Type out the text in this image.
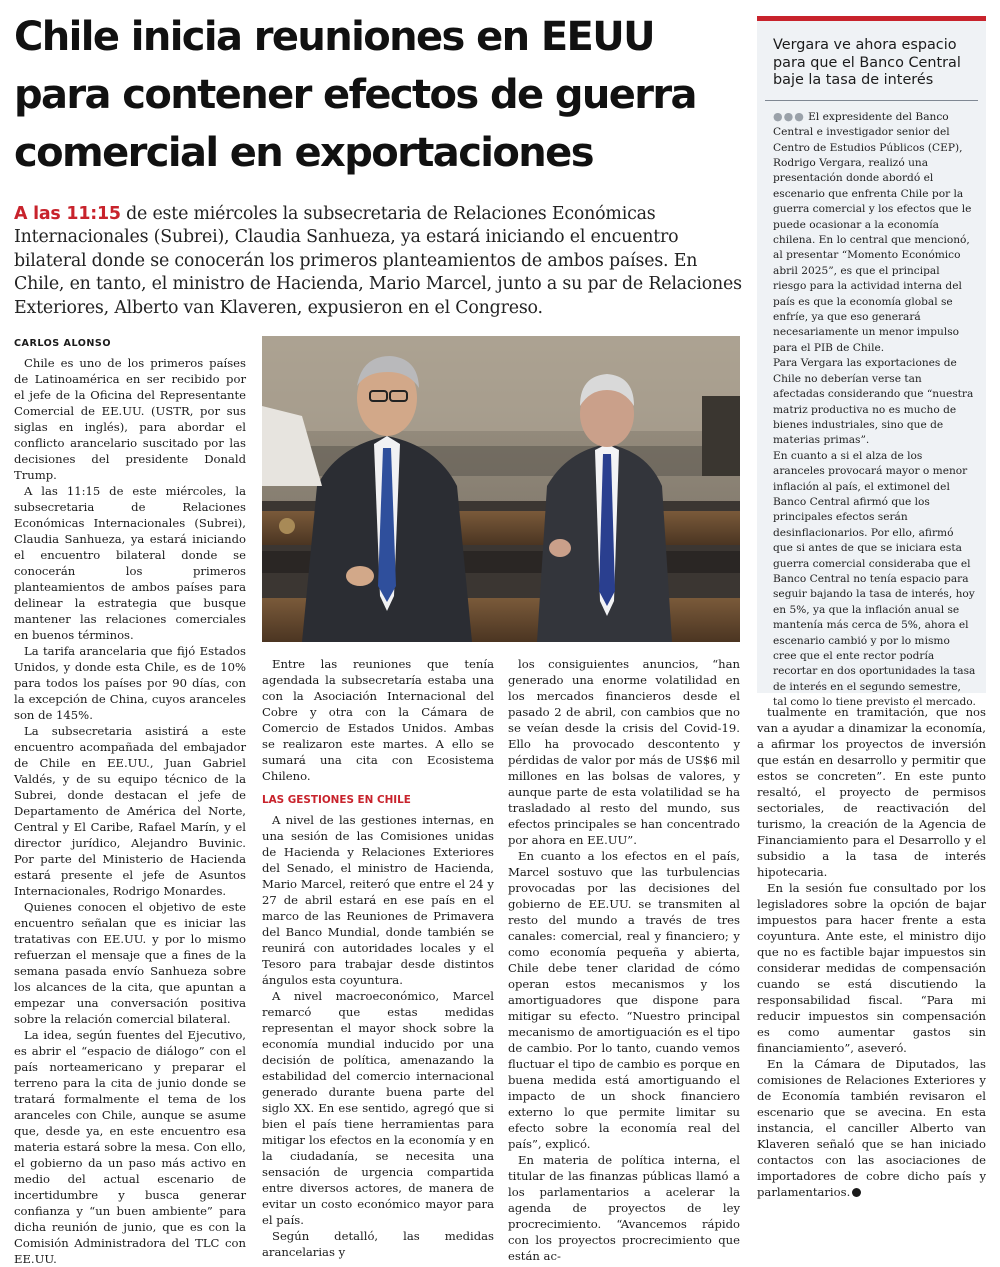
Chile inicia reuniones en EEUU para contener efectos de guerra comercial en exportaciones

A las 11:15 de este miércoles la subsecretaria de Relaciones Económicas Internacionales (Subrei), Claudia Sanhueza, ya estará iniciando el encuentro bilateral donde se conocerán los primeros planteamientos de ambos países. En Chile, en tanto, el ministro de Hacienda, Mario Marcel, junto a su par de Relaciones Exteriores, Alberto van Klaveren, expusieron en el Congreso.

CARLOS ALONSO

Chile es uno de los primeros países de Latinoamérica en ser recibido por el jefe de la Oficina del Representante Comercial de EE.UU. (USTR, por sus siglas en inglés), para abordar el conflicto arancelario suscitado por las decisiones del presidente Donald Trump.

A las 11:15 de este miércoles, la subsecretaria de Relaciones Económicas Internacionales (Subrei), Claudia Sanhueza, ya estará iniciando el encuentro bilateral donde se conocerán los primeros planteamientos de ambos países para delinear la estrategia que busque mantener las relaciones comerciales en buenos términos.

La tarifa arancelaria que fijó Estados Unidos, y donde esta Chile, es de 10% para todos los países por 90 días, con la excepción de China, cuyos aranceles son de 145%.

La subsecretaria asistirá a este encuentro acompañada del embajador de Chile en EE.UU., Juan Gabriel Valdés, y de su equipo técnico de la Subrei, donde destacan el jefe de Departamento de América del Norte, Central y El Caribe, Rafael Marín, y el director jurídico, Alejandro Buvinic. Por parte del Ministerio de Hacienda estará presente el jefe de Asuntos Internacionales, Rodrigo Monardes.

Quienes conocen el objetivo de este encuentro señalan que es iniciar las tratativas con EE.UU. y por lo mismo refuerzan el mensaje que a fines de la semana pasada envío Sanhueza sobre los alcances de la cita, que apuntan a empezar una conversación positiva sobre la relación comercial bilateral.

La idea, según fuentes del Ejecutivo, es abrir el “espacio de diálogo” con el país norteamericano y preparar el terreno para la cita de junio donde se tratará formalmente el tema de los aranceles con Chile, aunque se asume que, desde ya, en este encuentro esa materia estará sobre la mesa. Con ello, el gobierno da un paso más activo en medio del actual escenario de incertidumbre y busca generar confianza y “un buen ambiente” para dicha reunión de junio, que es con la Comisión Administradora del TLC con EE.UU.

Entre las reuniones que tenía agendada la subsecretaría estaba una con la Asociación Internacional del Cobre y otra con la Cámara de Comercio de Estados Unidos. Ambas se realizaron este martes. A ello se sumará una cita con Ecosistema Chileno.

LAS GESTIONES EN CHILE

A nivel de las gestiones internas, en una sesión de las Comisiones unidas de Hacienda y Relaciones Exteriores del Senado, el ministro de Hacienda, Mario Marcel, reiteró que entre el 24 y 27 de abril estará en ese país en el marco de las Reuniones de Primavera del Banco Mundial, donde también se reunirá con autoridades locales y el Tesoro para trabajar desde distintos ángulos esta coyuntura.

A nivel macroeconómico, Marcel remarcó que estas medidas representan el mayor shock sobre la economía mundial inducido por una decisión de política, amenazando la estabilidad del comercio internacional generado durante buena parte del siglo XX. En ese sentido, agregó que si bien el país tiene herramientas para mitigar los efectos en la economía y en la ciudadanía, se necesita una sensación de urgencia compartida entre diversos actores, de manera de evitar un costo económico mayor para el país.

Según detalló, las medidas arancelarias y

los consiguientes anuncios, “han generado una enorme volatilidad en los mercados financieros desde el pasado 2 de abril, con cambios que no se veían desde la crisis del Covid-19. Ello ha provocado descontento y pérdidas de valor por más de US$6 mil millones en las bolsas de valores, y aunque parte de esta volatilidad se ha trasladado al resto del mundo, sus efectos principales se han concentrado por ahora en EE.UU”.

En cuanto a los efectos en el país, Marcel sostuvo que las turbulencias provocadas por las decisiones del gobierno de EE.UU. se transmiten al resto del mundo a través de tres canales: comercial, real y financiero; y como economía pequeña y abierta, Chile debe tener claridad de cómo operan estos mecanismos y los amortiguadores que dispone para mitigar su efecto. “Nuestro principal mecanismo de amortiguación es el tipo de cambio. Por lo tanto, cuando vemos fluctuar el tipo de cambio es porque en buena medida está amortiguando el impacto de un shock financiero externo lo que permite limitar su efecto sobre la economía real del país”, explicó.

En materia de política interna, el titular de las finanzas públicas llamó a los parlamentarios a acelerar la agenda de proyectos de ley procrecimiento. “Avancemos rápido con los proyectos procrecimiento que están ac-

tualmente en tramitación, que nos van a ayudar a dinamizar la economía, a afirmar los proyectos de inversión que están en desarrollo y permitir que estos se concreten”. En este punto resaltó, el proyecto de permisos sectoriales, de reactivación del turismo, la creación de la Agencia de Financiamiento para el Desarrollo y el subsidio a la tasa de interés hipotecaria.

En la sesión fue consultado por los legisladores sobre la opción de bajar impuestos para hacer frente a esta coyuntura. Ante este, el ministro dijo que no es factible bajar impuestos sin considerar medidas de compensación cuando se está discutiendo la responsabilidad fiscal. “Para mi reducir impuestos sin compensación es como aumentar gastos sin financiamiento”, aseveró.

En la Cámara de Diputados, las comisiones de Relaciones Exteriores y de Economía también revisaron el escenario que se avecina. En esta instancia, el canciller Alberto van Klaveren señaló que se han iniciado contactos con las asociaciones de importadores de cobre dicho país y parlamentarios.

Vergara ve ahora espacio para que el Banco Central baje la tasa de interés

●●● El expresidente del Banco Central e investigador senior del Centro de Estudios Públicos (CEP), Rodrigo Vergara, realizó una presentación donde abordó el escenario que enfrenta Chile por la guerra comercial y los efectos que le puede ocasionar a la economía chilena. En lo central que mencionó, al presentar “Momento Económico abril 2025”, es que el principal riesgo para la actividad interna del país es que la economía global se enfríe, ya que eso generará necesariamente un menor impulso para el PIB de Chile.

Para Vergara las exportaciones de Chile no deberían verse tan afectadas considerando que “nuestra matriz productiva no es mucho de bienes industriales, sino que de materias primas”.

En cuanto a si el alza de los aranceles provocará mayor o menor inflación al país, el extimonel del Banco Central afirmó que los principales efectos serán desinflacionarios. Por ello, afirmó que si antes de que se iniciara esta guerra comercial consideraba que el Banco Central no tenía espacio para seguir bajando la tasa de interés, hoy en 5%, ya que la inflación anual se mantenía más cerca de 5%, ahora el escenario cambió y por lo mismo cree que el ente rector podría recortar en dos oportunidades la tasa de interés en el segundo semestre, tal como lo tiene previsto el mercado.
